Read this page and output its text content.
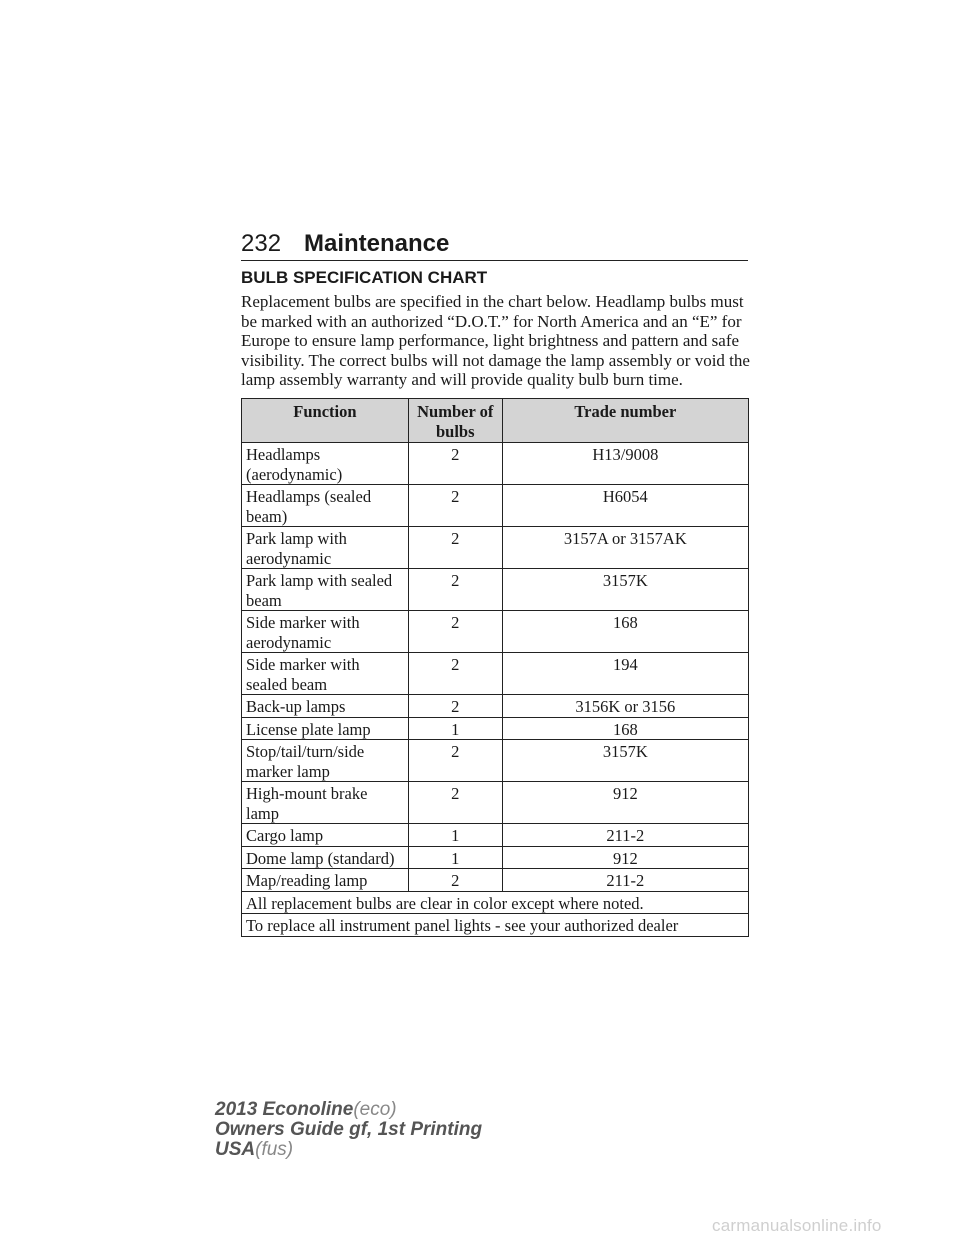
232 Maintenance
BULB SPECIFICATION CHART

Replacement bulbs are specified in the chart below. Headlamp bulbs must be marked with an authorized “D.O.T.” for North America and an “E” for Europe to ensure lamp performance, light brightness and pattern and safe visibility. The correct bulbs will not damage the lamp assembly or void the lamp assembly warranty and will provide quality bulb burn time.

Function	Number of bulbs	Trade number
Headlamps (aerodynamic)	2	H13/9008
Headlamps (sealed beam)	2	H6054
Park lamp with aerodynamic	2	3157A or 3157AK
Park lamp with sealed beam	2	3157K
Side marker with aerodynamic	2	168
Side marker with sealed beam	2	194
Back-up lamps	2	3156K or 3156
License plate lamp	1	168
Stop/tail/turn/side marker lamp	2	3157K
High-mount brake lamp	2	912
Cargo lamp	1	211-2
Dome lamp (standard)	1	912
Map/reading lamp	2	211-2
All replacement bulbs are clear in color except where noted.		
To replace all instrument panel lights - see your authorized dealer		
2013 Econoline(eco)
Owners Guide gf, 1st Printing
USA(fus)
carmanualsonline.info
